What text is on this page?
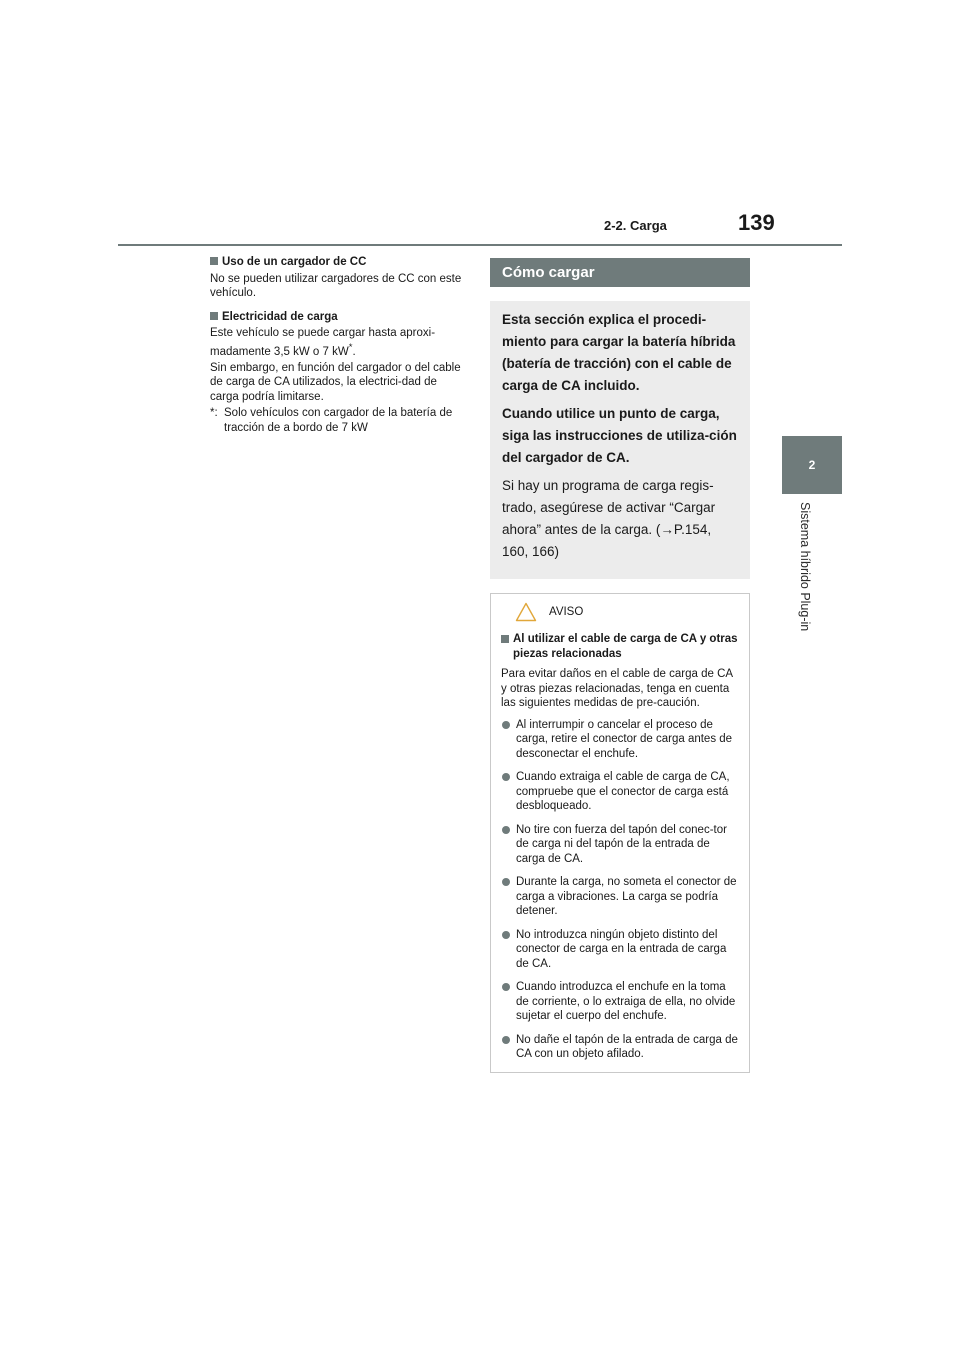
2-2. Carga	139
2
Sistema híbrido Plug-in
Uso de un cargador de CC

No se pueden utilizar cargadores de CC con este vehículo.

Electricidad de carga

Este vehículo se puede cargar hasta aproxi-madamente 3,5 kW o 7 kW*.

Sin embargo, en función del cargador o del cable de carga de CA utilizados, la electrici-dad de carga podría limitarse.

*: Solo vehículos con cargador de la batería de tracción de a bordo de 7 kW
Cómo cargar

Esta sección explica el procedi-miento para cargar la batería híbrida (batería de tracción) con el cable de carga de CA incluido.

Cuando utilice un punto de carga, siga las instrucciones de utiliza-ción del cargador de CA.

Si hay un programa de carga regis-trado, asegúrese de activar “Cargar ahora” antes de la carga. (→P.154, 160, 166)

AVISO
Al utilizar el cable de carga de CA y otras piezas relacionadas

Para evitar daños en el cable de carga de CA y otras piezas relacionadas, tenga en cuenta las siguientes medidas de pre-caución.

Al interrumpir o cancelar el proceso de carga, retire el conector de carga antes de desconectar el enchufe.
Cuando extraiga el cable de carga de CA, compruebe que el conector de carga está desbloqueado.
No tire con fuerza del tapón del conec-tor de carga ni del tapón de la entrada de carga de CA.
Durante la carga, no someta el conector de carga a vibraciones. La carga se podría detener.
No introduzca ningún objeto distinto del conector de carga en la entrada de carga de CA.
Cuando introduzca el enchufe en la toma de corriente, o lo extraiga de ella, no olvide sujetar el cuerpo del enchufe.
No dañe el tapón de la entrada de carga de CA con un objeto afilado.
